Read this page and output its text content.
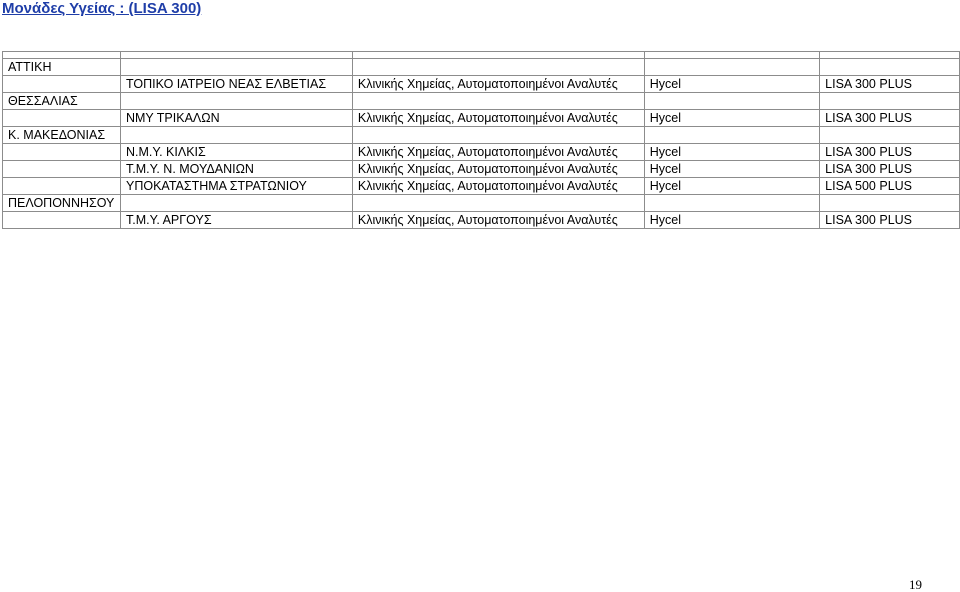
Μονάδες Υγείας : (LISA 300)

ΑΤΤΙΚΗ				
	ΤΟΠΙΚΟ ΙΑΤΡΕΙΟ ΝΕΑΣ ΕΛΒΕΤΙΑΣ	Κλινικής Χημείας, Αυτοματοποιημένοι Αναλυτές	Hycel	LISA 300 PLUS
ΘΕΣΣΑΛΙΑΣ				
	ΝΜΥ ΤΡΙΚΑΛΩΝ	Κλινικής Χημείας, Αυτοματοποιημένοι Αναλυτές	Hycel	LISA 300 PLUS
Κ. ΜΑΚΕΔΟΝΙΑΣ				
	Ν.Μ.Υ. ΚΙΛΚΙΣ	Κλινικής Χημείας, Αυτοματοποιημένοι Αναλυτές	Hycel	LISA 300 PLUS
	Τ.Μ.Υ. Ν. ΜΟΥΔΑΝΙΩΝ	Κλινικής Χημείας, Αυτοματοποιημένοι Αναλυτές	Hycel	LISA 300 PLUS
	ΥΠΟΚΑΤΑΣΤΗΜΑ ΣΤΡΑΤΩΝΙΟΥ	Κλινικής Χημείας, Αυτοματοποιημένοι Αναλυτές	Hycel	LISA 500 PLUS
ΠΕΛΟΠΟΝΝΗΣΟΥ				
	Τ.Μ.Υ. ΑΡΓΟΥΣ	Κλινικής Χημείας, Αυτοματοποιημένοι Αναλυτές	Hycel	LISA 300 PLUS
19
